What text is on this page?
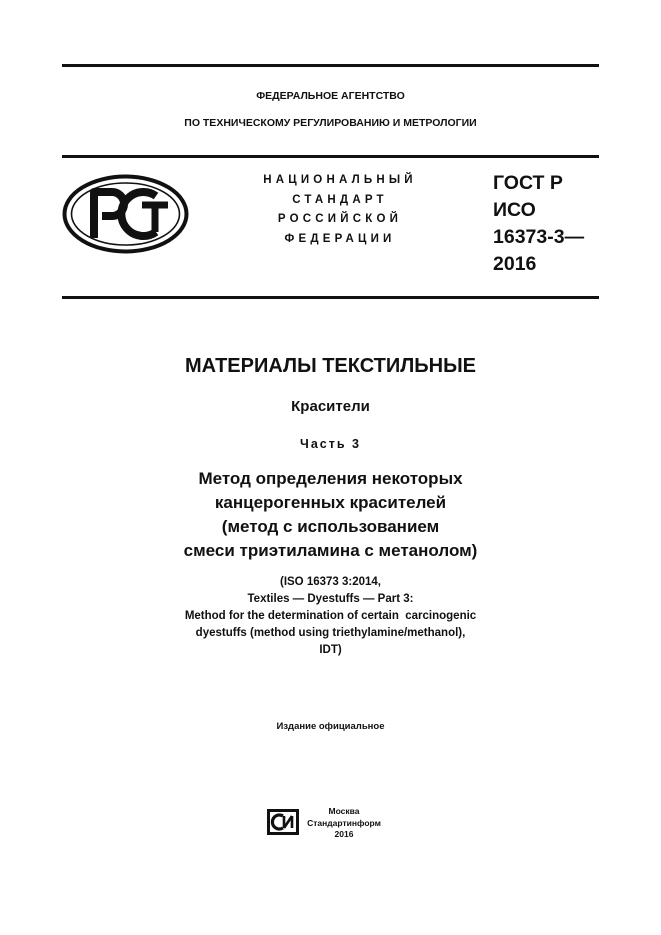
ФЕДЕРАЛЬНОЕ АГЕНТСТВО
ПО ТЕХНИЧЕСКОМУ РЕГУЛИРОВАНИЮ И МЕТРОЛОГИИ
НАЦИОНАЛЬНЫЙ
СТАНДАРТ
РОССИЙСКОЙ
ФЕДЕРАЦИИ
ГОСТ Р
ИСО
16373-3—
2016
МАТЕРИАЛЫ ТЕКСТИЛЬНЫЕ
Красители
Часть 3
Метод определения некоторых
канцерогенных красителей
(метод с использованием
смеси триэтиламина с метанолом)
(ISO 16373 3:2014,
Textiles — Dyestuffs — Part 3:
Method for the determination of certain  carcinogenic
dyestuffs (method using triethylamine/methanol),
IDT)
Издание официальное
Москва
Стандартинформ
2016
